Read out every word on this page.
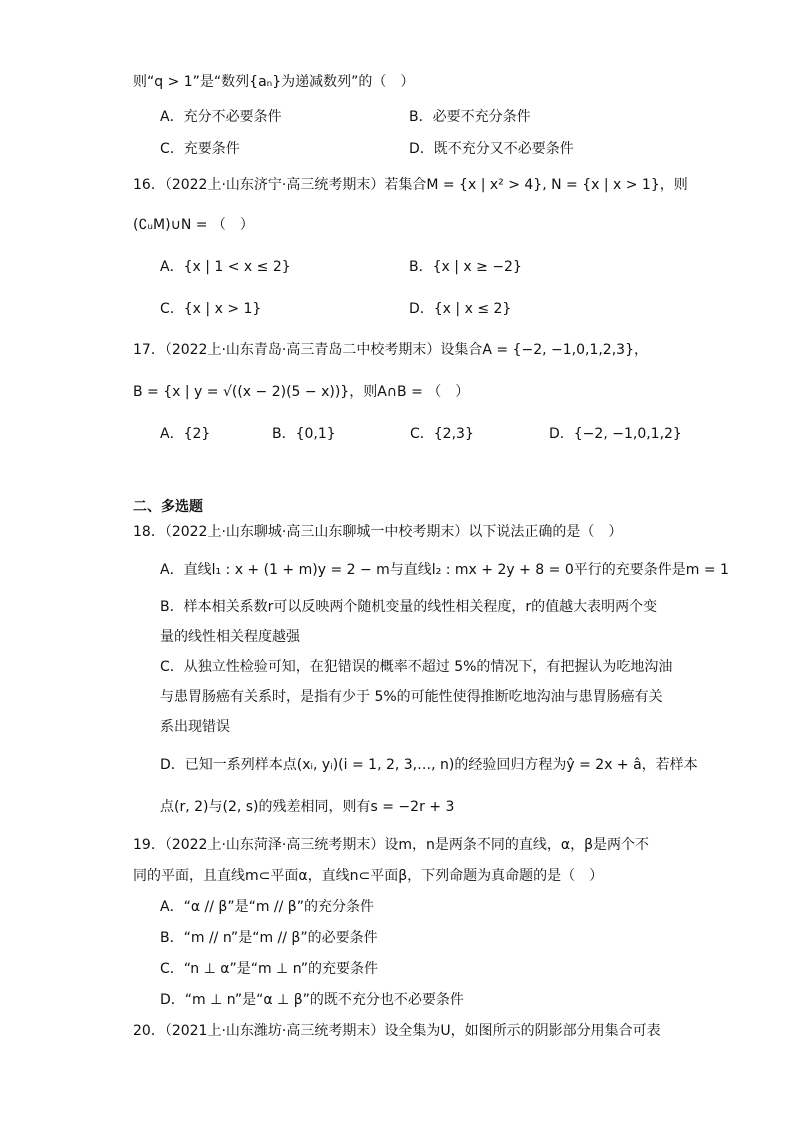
则“q > 1”是“数列{aₙ}为递减数列”的（　）
A．充分不必要条件	B．必要不充分条件
C．充要条件	D．既不充分又不必要条件
16．（2022上·山东济宁·高三统考期末）若集合M = {x | x² > 4}, N = {x | x > 1}，则
(∁ᵤM)∪N = （　）
A．{x | 1 < x ≤ 2}	B．{x | x ≥ −2}
C．{x | x > 1}	D．{x | x ≤ 2}
17．（2022上·山东青岛·高三青岛二中校考期末）设集合A = {−2, −1,0,1,2,3}，
B = {x | y = √((x − 2)(5 − x))}，则A∩B = （　）
A．{2}	B．{0,1}	C．{2,3}	D．{−2, −1,0,1,2}
二、多选题
18．（2022上·山东聊城·高三山东聊城一中校考期末）以下说法正确的是（　）
A．直线l₁ : x + (1 + m)y = 2 − m与直线l₂ : mx + 2y + 8 = 0平行的充要条件是m = 1
B．样本相关系数r可以反映两个随机变量的线性相关程度，r的值越大表明两个变
量的线性相关程度越强
C．从独立性检验可知，在犯错误的概率不超过 5%的情况下，有把握认为吃地沟油
与患胃肠癌有关系时，是指有少于 5%的可能性使得推断吃地沟油与患胃肠癌有关
系出现错误
D．已知一系列样本点(xᵢ, yᵢ)(i = 1, 2, 3,…, n)的经验回归方程为ŷ = 2x + â，若样本
点(r, 2)与(2, s)的残差相同，则有s = −2r + 3
19．（2022上·山东菏泽·高三统考期末）设m，n是两条不同的直线，α，β是两个不
同的平面，且直线m⊂平面α，直线n⊂平面β，下列命题为真命题的是（　）
A．“α // β”是“m // β”的充分条件
B．“m // n”是“m // β”的必要条件
C．“n ⊥ α”是“m ⊥ n”的充要条件
D．“m ⊥ n”是“α ⊥ β”的既不充分也不必要条件
20．（2021上·山东潍坊·高三统考期末）设全集为U，如图所示的阴影部分用集合可表
